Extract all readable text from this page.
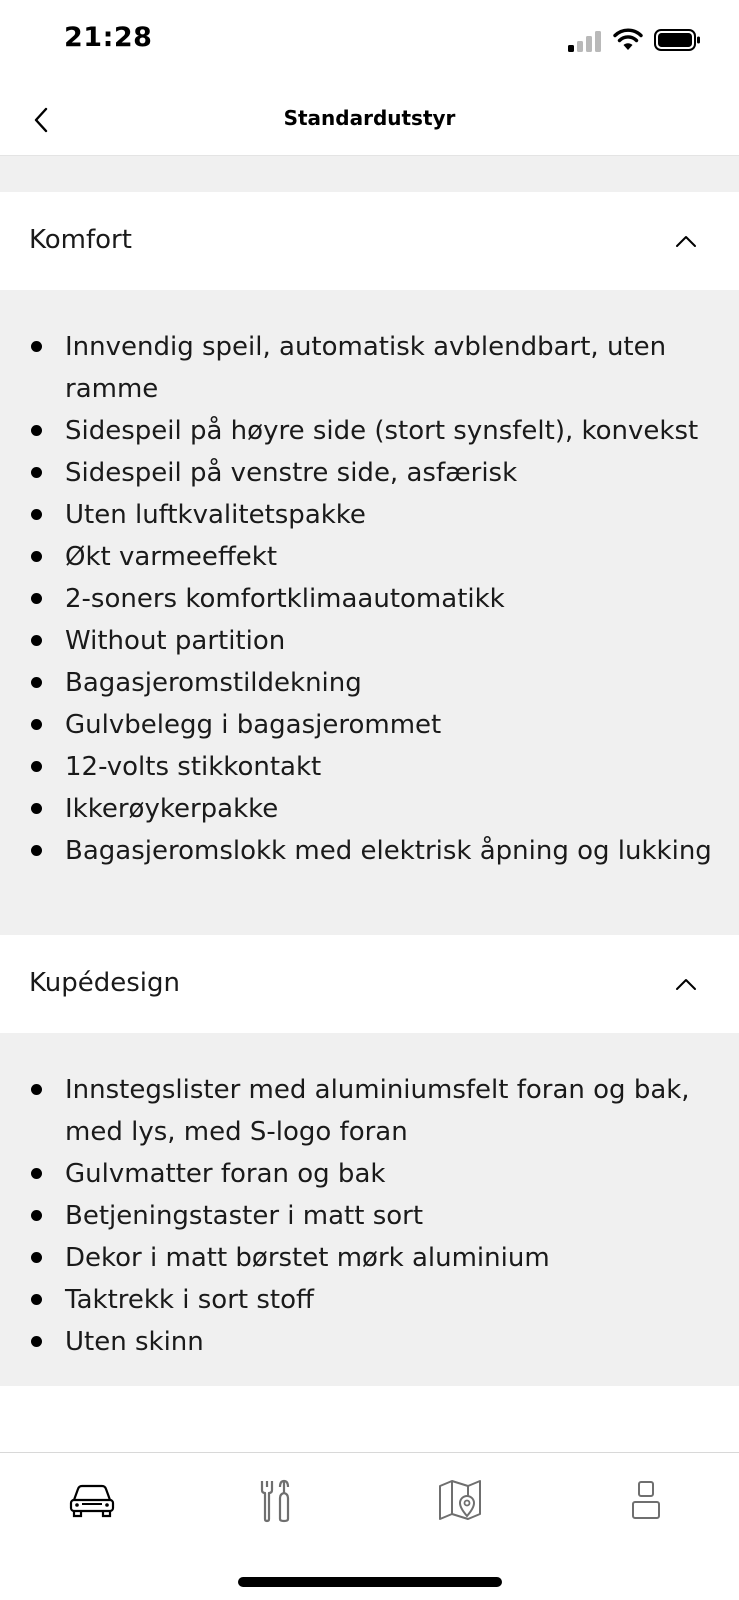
21:28
Standardutstyr
Komfort
Innvendig speil, automatisk avblendbart, uten ramme
Sidespeil på høyre side (stort synsfelt), konvekst
Sidespeil på venstre side, asfærisk
Uten luftkvalitetspakke
Økt varmeeffekt
2-soners komfortklimaautomatikk
Without partition
Bagasjeromstildekning
Gulvbelegg i bagasjerommet
12-volts stikkontakt
Ikkerøykerpakke
Bagasjeromslokk med elektrisk åpning og lukking
Kupédesign
Innstegslister med aluminiumsfelt foran og bak, med lys, med S-logo foran
Gulvmatter foran og bak
Betjeningstaster i matt sort
Dekor i matt børstet mørk aluminium
Taktrekk i sort stoff
Uten skinn
